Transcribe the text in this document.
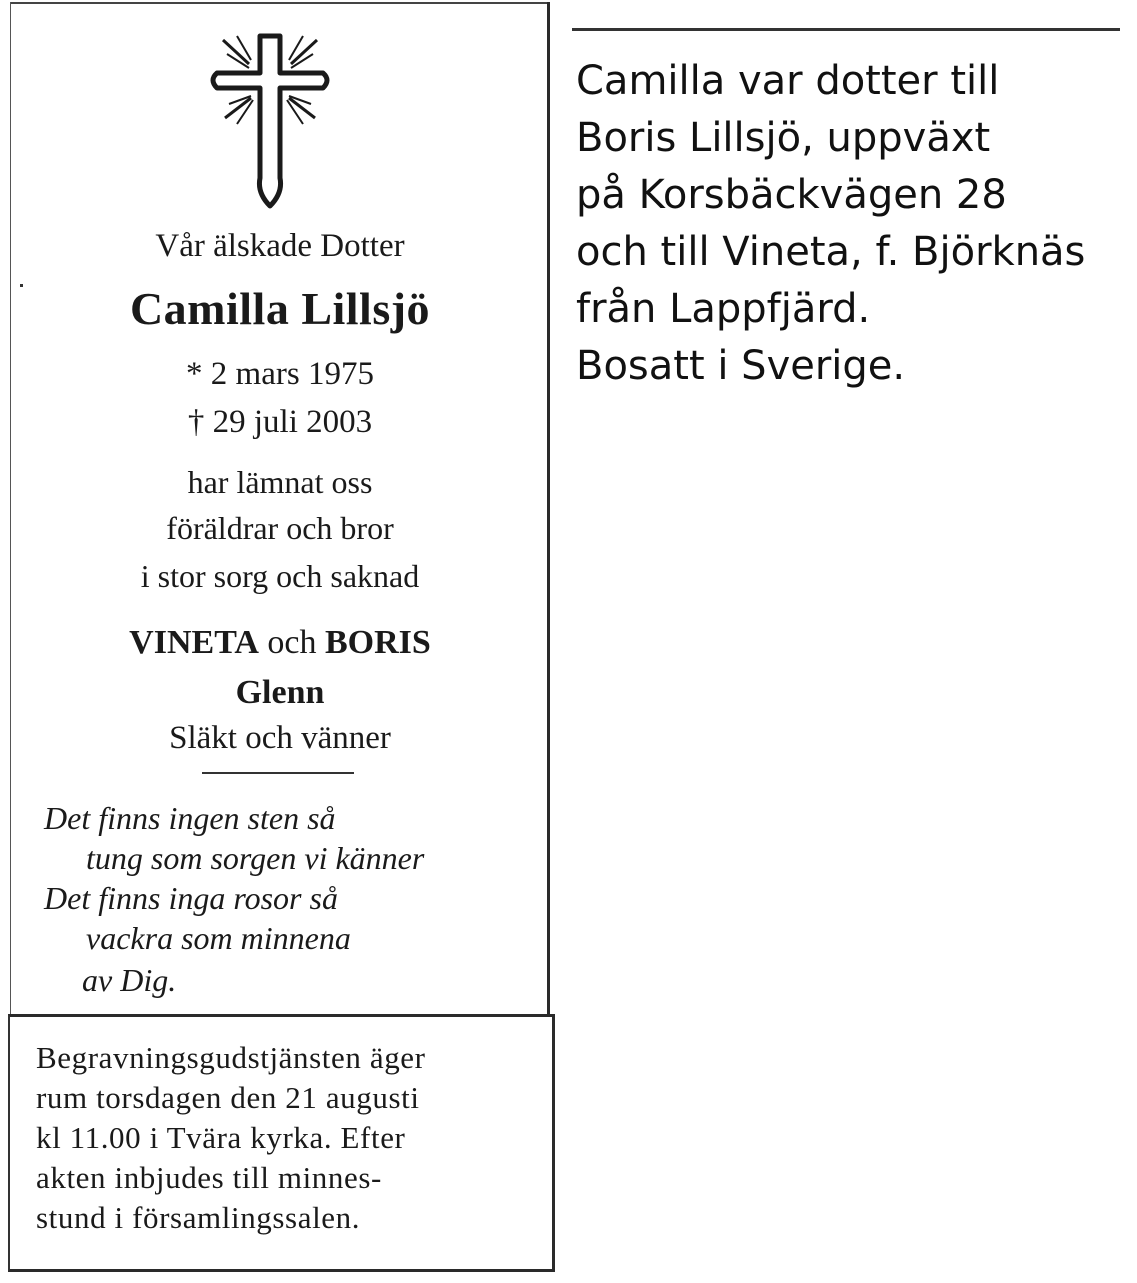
Vår älskade Dotter
Camilla Lillsjö
* 2 mars 1975
† 29 juli 2003
har lämnat oss
föräldrar och bror
i stor sorg och saknad
VINETA och BORIS
Glenn
Släkt och vänner
Det finns ingen sten så
tung som sorgen vi känner
Det finns inga rosor så
vackra som minnena
av Dig.
Begravningsgudstjänsten äger
rum torsdagen den 21 augusti
kl 11.00 i Tvära kyrka. Efter
akten inbjudes till minnes-
stund i församlingssalen.
Camilla var dotter till
Boris Lillsjö, uppväxt
på Korsbäckvägen 28
och till Vineta, f. Björknäs
från Lappfjärd.
Bosatt i Sverige.
